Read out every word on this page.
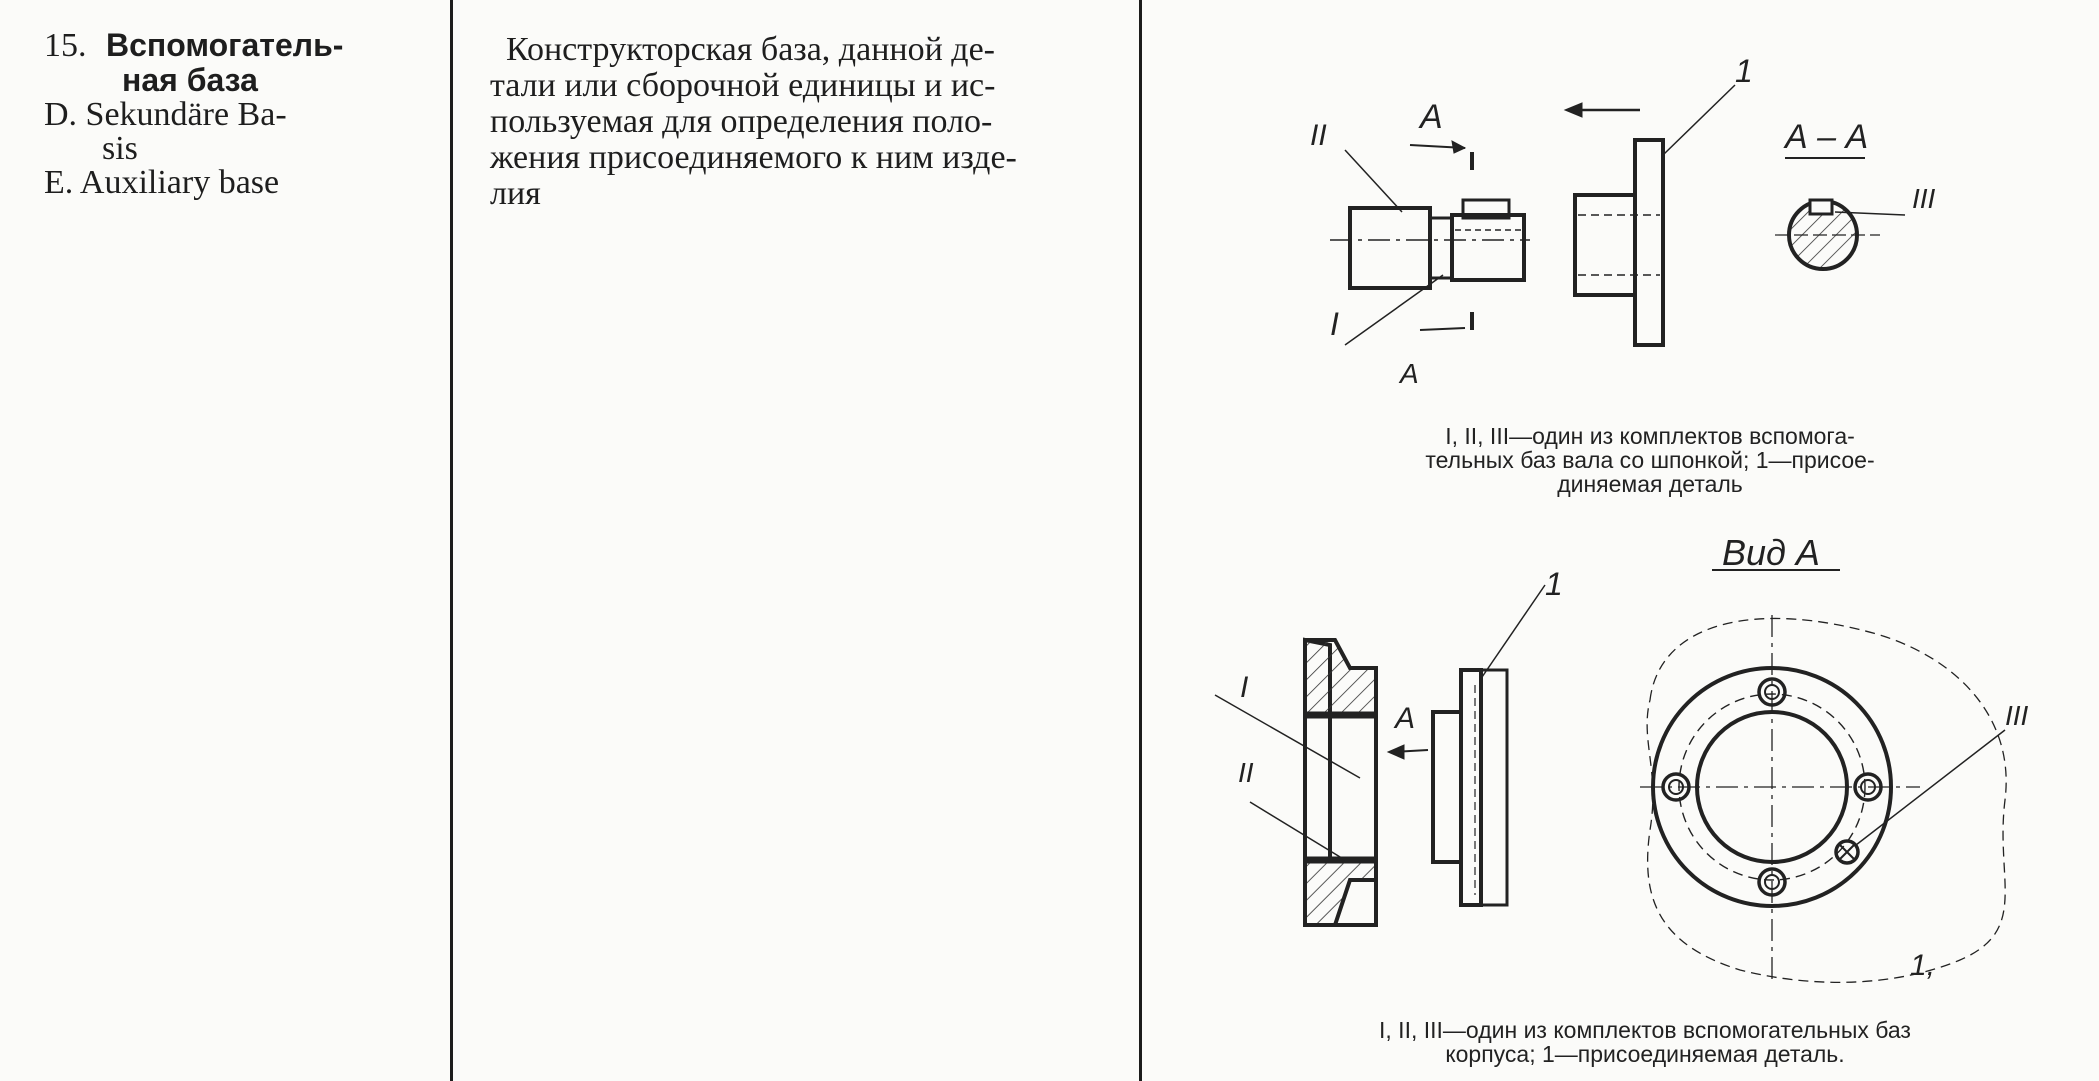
15. Вспомогатель-
ная база
D. Sekundäre Ba-
sis
E. Auxiliary base

Конструкторская база, данной де-

тали или сборочной единицы и ис-
пользуемая для определения поло-
жения присоединяемого к ним изде-
лия
A
A
А – А
II
I
III
1
Вид А
A
I
II
III
1
1,
I, II, III—один из комплектов вспомога-
тельных баз вала со шпонкой; 1—присое-
диняемая деталь
I, II, III—один из комплектов вспомогательных баз
корпуса; 1—присоединяемая деталь.
